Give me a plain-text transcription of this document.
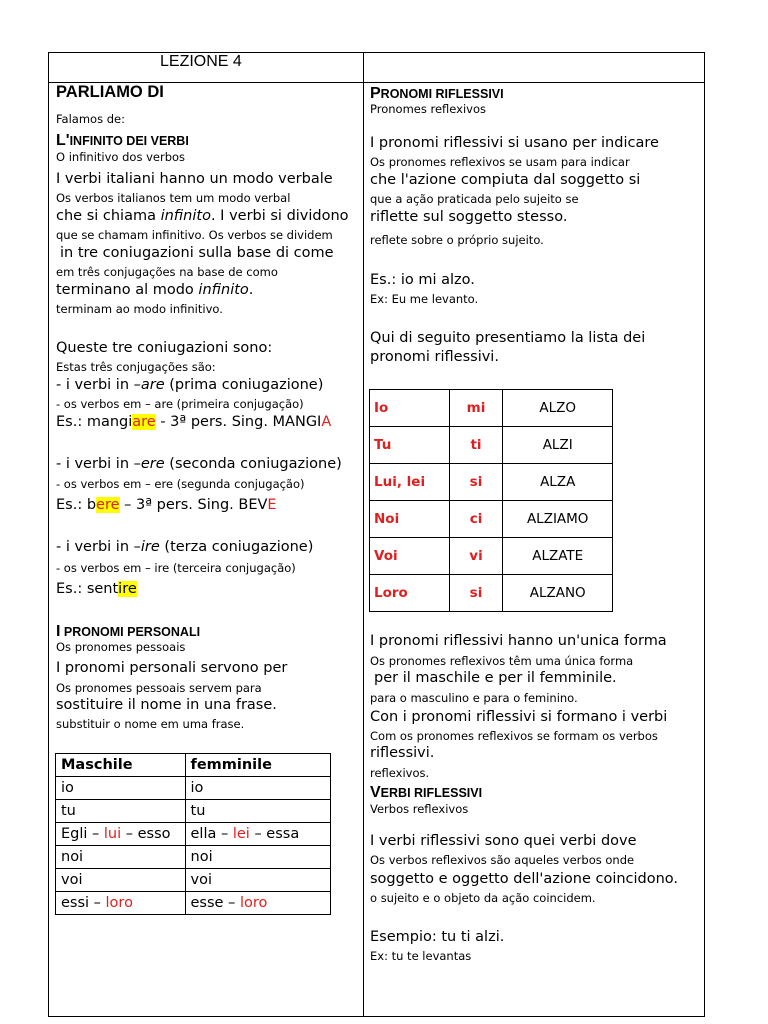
LEZIONE 4
PARLIAMO DI
Falamos de:
L'INFINITO DEI VERBI
O infinitivo dos verbos
I verbi italiani hanno un modo verbale
Os verbos italianos tem um modo verbal
che si chiama infinito. I verbi si dividono
que se chamam infinitivo. Os verbos se dividem
in tre coniugazioni sulla base di come
em três conjugações na base de como
terminano al modo infinito.
terminam ao modo infinitivo.
Queste tre coniugazioni sono:
Estas três conjugações são:
- i verbi in –are (prima coniugazione)
- os verbos em – are (primeira conjugação)
Es.: mangiare - 3ª pers. Sing. MANGIA
- i verbi in –ere (seconda coniugazione)
- os verbos em – ere (segunda conjugação)
Es.: bere – 3ª pers. Sing. BEVE
- i verbi in –ire (terza coniugazione)
- os verbos em – ire (terceira conjugação)
Es.: sentire
I PRONOMI PERSONALI
Os pronomes pessoais
I pronomi personali servono per
Os pronomes pessoais servem para
sostituire il nome in una frase.
substituir o nome em uma frase.
Maschile	femminile
io	io
tu	tu
Egli – lui – esso	ella – lei – essa
noi	noi
voi	voi
essi – loro	esse – loro
PRONOMI RIFLESSIVI
Pronomes reflexivos
I pronomi riflessivi si usano per indicare
Os pronomes reflexivos se usam para indicar
che l'azione compiuta dal soggetto si
que a ação praticada pelo sujeito se
riflette sul soggetto stesso.
reflete sobre o próprio sujeito.
Es.: io mi alzo.
Ex: Eu me levanto.
Qui di seguito presentiamo la lista dei
pronomi riflessivi.
Io	mi	ALZO
Tu	ti	ALZI
Lui, lei	si	ALZA
Noi	ci	ALZIAMO
Voi	vi	ALZATE
Loro	si	ALZANO
I pronomi riflessivi hanno un'unica forma
Os pronomes reflexivos têm uma única forma
per il maschile e per il femminile.
para o masculino e para o feminino.
Con i pronomi riflessivi si formano i verbi
Com os pronomes reflexivos se formam os verbos
riflessivi.
reflexivos.
VERBI RIFLESSIVI
Verbos reflexivos
I verbi riflessivi sono quei verbi dove
Os verbos reflexivos são aqueles verbos onde
soggetto e oggetto dell'azione coincidono.
o sujeito e o objeto da ação coincidem.
Esempio: tu ti alzi.
Ex: tu te levantas
